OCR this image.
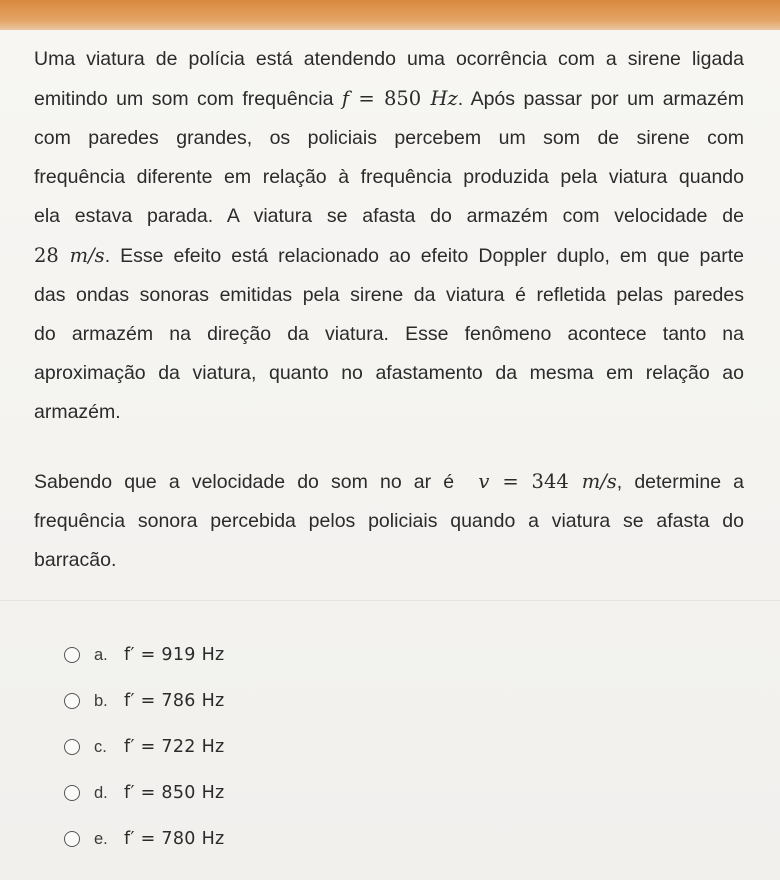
Uma viatura de polícia está atendendo uma ocorrência com a sirene ligada

emitindo um som com frequência f = 850 Hz. Após passar por um armazém

com paredes grandes, os policiais percebem um som de sirene com

frequência diferente em relação à frequência produzida pela viatura quando

ela estava parada. A viatura se afasta do armazém com velocidade de

28 m/s. Esse efeito está relacionado ao efeito Doppler duplo, em que parte

das ondas sonoras emitidas pela sirene da viatura é refletida pelas paredes

do armazém na direção da viatura. Esse fenômeno acontece tanto na

aproximação da viatura, quanto no afastamento da mesma em relação ao

armazém.

Sabendo que a velocidade do som no ar é v = 344 m/s, determine a
frequência sonora percebida pelos policiais quando a viatura se afasta do
barracão.
a. f′ = 919 Hz
b. f′ = 786 Hz
c. f′ = 722 Hz
d. f′ = 850 Hz
e. f′ = 780 Hz
